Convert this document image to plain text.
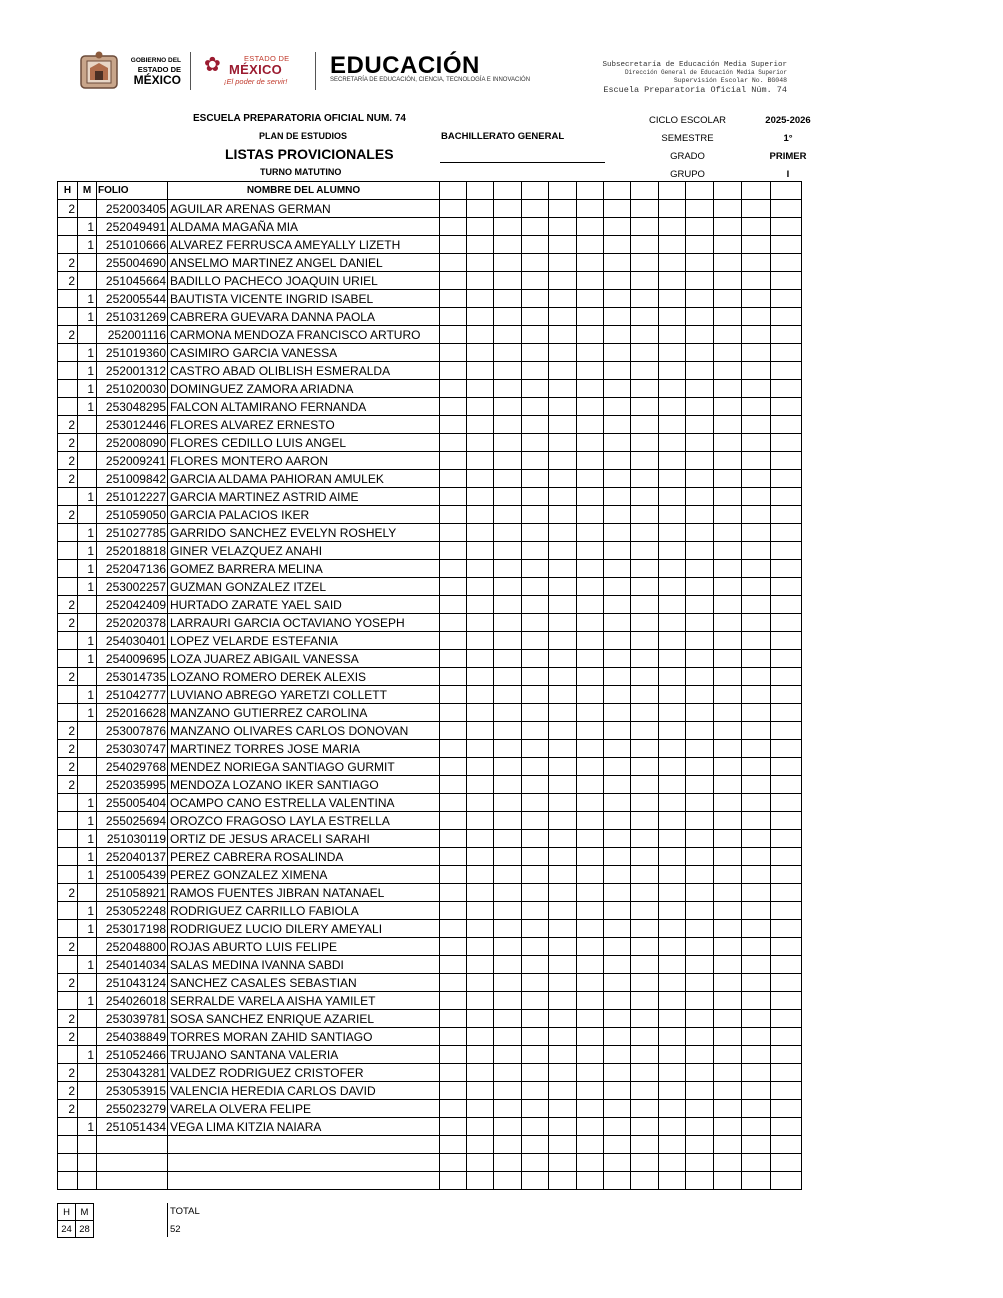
GOBIERNO DEL
ESTADO DE
MÉXICO
✿	ESTADO DE
MÉXICO
¡El poder de servir!
EDUCACIÓN
SECRETARÍA DE EDUCACIÓN, CIENCIA, TECNOLOGÍA E INNOVACIÓN
Subsecretaría de Educación Media Superior
Dirección General de Educación Media Superior
Supervisión Escolar No. BG048
Escuela Preparatoria Oficial Núm. 74
ESCUELA PREPARATORIA OFICIAL NUM. 74
PLAN DE ESTUDIOS	BACHILLERATO GENERAL
LISTAS PROVICIONALES
TURNO MATUTINO
CICLO ESCOLAR	2025-2026
SEMESTRE	1°
GRADO	PRIMER
GRUPO	I
H	M	FOLIO	NOMBRE DEL ALUMNO													
2		252003405	AGUILAR ARENAS GERMAN													
	1	252049491	ALDAMA MAGAÑA MIA													
	1	251010666	ALVAREZ FERRUSCA AMEYALLY LIZETH													
2		255004690	ANSELMO MARTINEZ ANGEL DANIEL													
2		251045664	BADILLO PACHECO JOAQUIN URIEL													
	1	252005544	BAUTISTA VICENTE INGRID ISABEL													
	1	251031269	CABRERA GUEVARA DANNA PAOLA													
2		252001116	CARMONA MENDOZA FRANCISCO ARTURO													
	1	251019360	CASIMIRO GARCIA VANESSA													
	1	252001312	CASTRO ABAD OLIBLISH ESMERALDA													
	1	251020030	DOMINGUEZ ZAMORA ARIADNA													
	1	253048295	FALCON ALTAMIRANO FERNANDA													
2		253012446	FLORES ALVAREZ ERNESTO													
2		252008090	FLORES CEDILLO LUIS ANGEL													
2		252009241	FLORES MONTERO AARON													
2		251009842	GARCIA ALDAMA PAHIORAN AMULEK													
	1	251012227	GARCIA MARTINEZ ASTRID AIME													
2		251059050	GARCIA PALACIOS IKER													
	1	251027785	GARRIDO SANCHEZ EVELYN ROSHELY													
	1	252018818	GINER VELAZQUEZ ANAHI													
	1	252047136	GOMEZ BARRERA MELINA													
	1	253002257	GUZMAN GONZALEZ ITZEL													
2		252042409	HURTADO ZARATE YAEL SAID													
2		252020378	LARRAURI GARCIA OCTAVIANO YOSEPH													
	1	254030401	LOPEZ VELARDE ESTEFANIA													
	1	254009695	LOZA JUAREZ ABIGAIL VANESSA													
2		253014735	LOZANO ROMERO DEREK ALEXIS													
	1	251042777	LUVIANO ABREGO YARETZI COLLETT													
	1	252016628	MANZANO GUTIERREZ CAROLINA													
2		253007876	MANZANO OLIVARES CARLOS DONOVAN													
2		253030747	MARTINEZ TORRES JOSE MARIA													
2		254029768	MENDEZ NORIEGA SANTIAGO GURMIT													
2		252035995	MENDOZA LOZANO IKER SANTIAGO													
	1	255005404	OCAMPO CANO ESTRELLA VALENTINA													
	1	255025694	OROZCO FRAGOSO LAYLA ESTRELLA													
	1	251030119	ORTIZ DE JESUS ARACELI SARAHI													
	1	252040137	PEREZ CABRERA ROSALINDA													
	1	251005439	PEREZ GONZALEZ XIMENA													
2		251058921	RAMOS FUENTES JIBRAN NATANAEL													
	1	253052248	RODRIGUEZ CARRILLO FABIOLA													
	1	253017198	RODRIGUEZ LUCIO DILERY AMEYALI													
2		252048800	ROJAS ABURTO LUIS FELIPE													
	1	254014034	SALAS MEDINA IVANNA SABDI													
2		251043124	SANCHEZ CASALES SEBASTIAN													
	1	254026018	SERRALDE VARELA AISHA YAMILET													
2		253039781	SOSA SANCHEZ ENRIQUE AZARIEL													
2		254038849	TORRES MORAN ZAHID SANTIAGO													
	1	251052466	TRUJANO SANTANA VALERIA													
2		253043281	VALDEZ RODRIGUEZ CRISTOFER													
2		253053915	VALENCIA HEREDIA CARLOS DAVID													
2		255023279	VARELA OLVERA FELIPE													
	1	251051434	VEGA LIMA KITZIA NAIARA													

H	M
24	28
TOTAL
52
